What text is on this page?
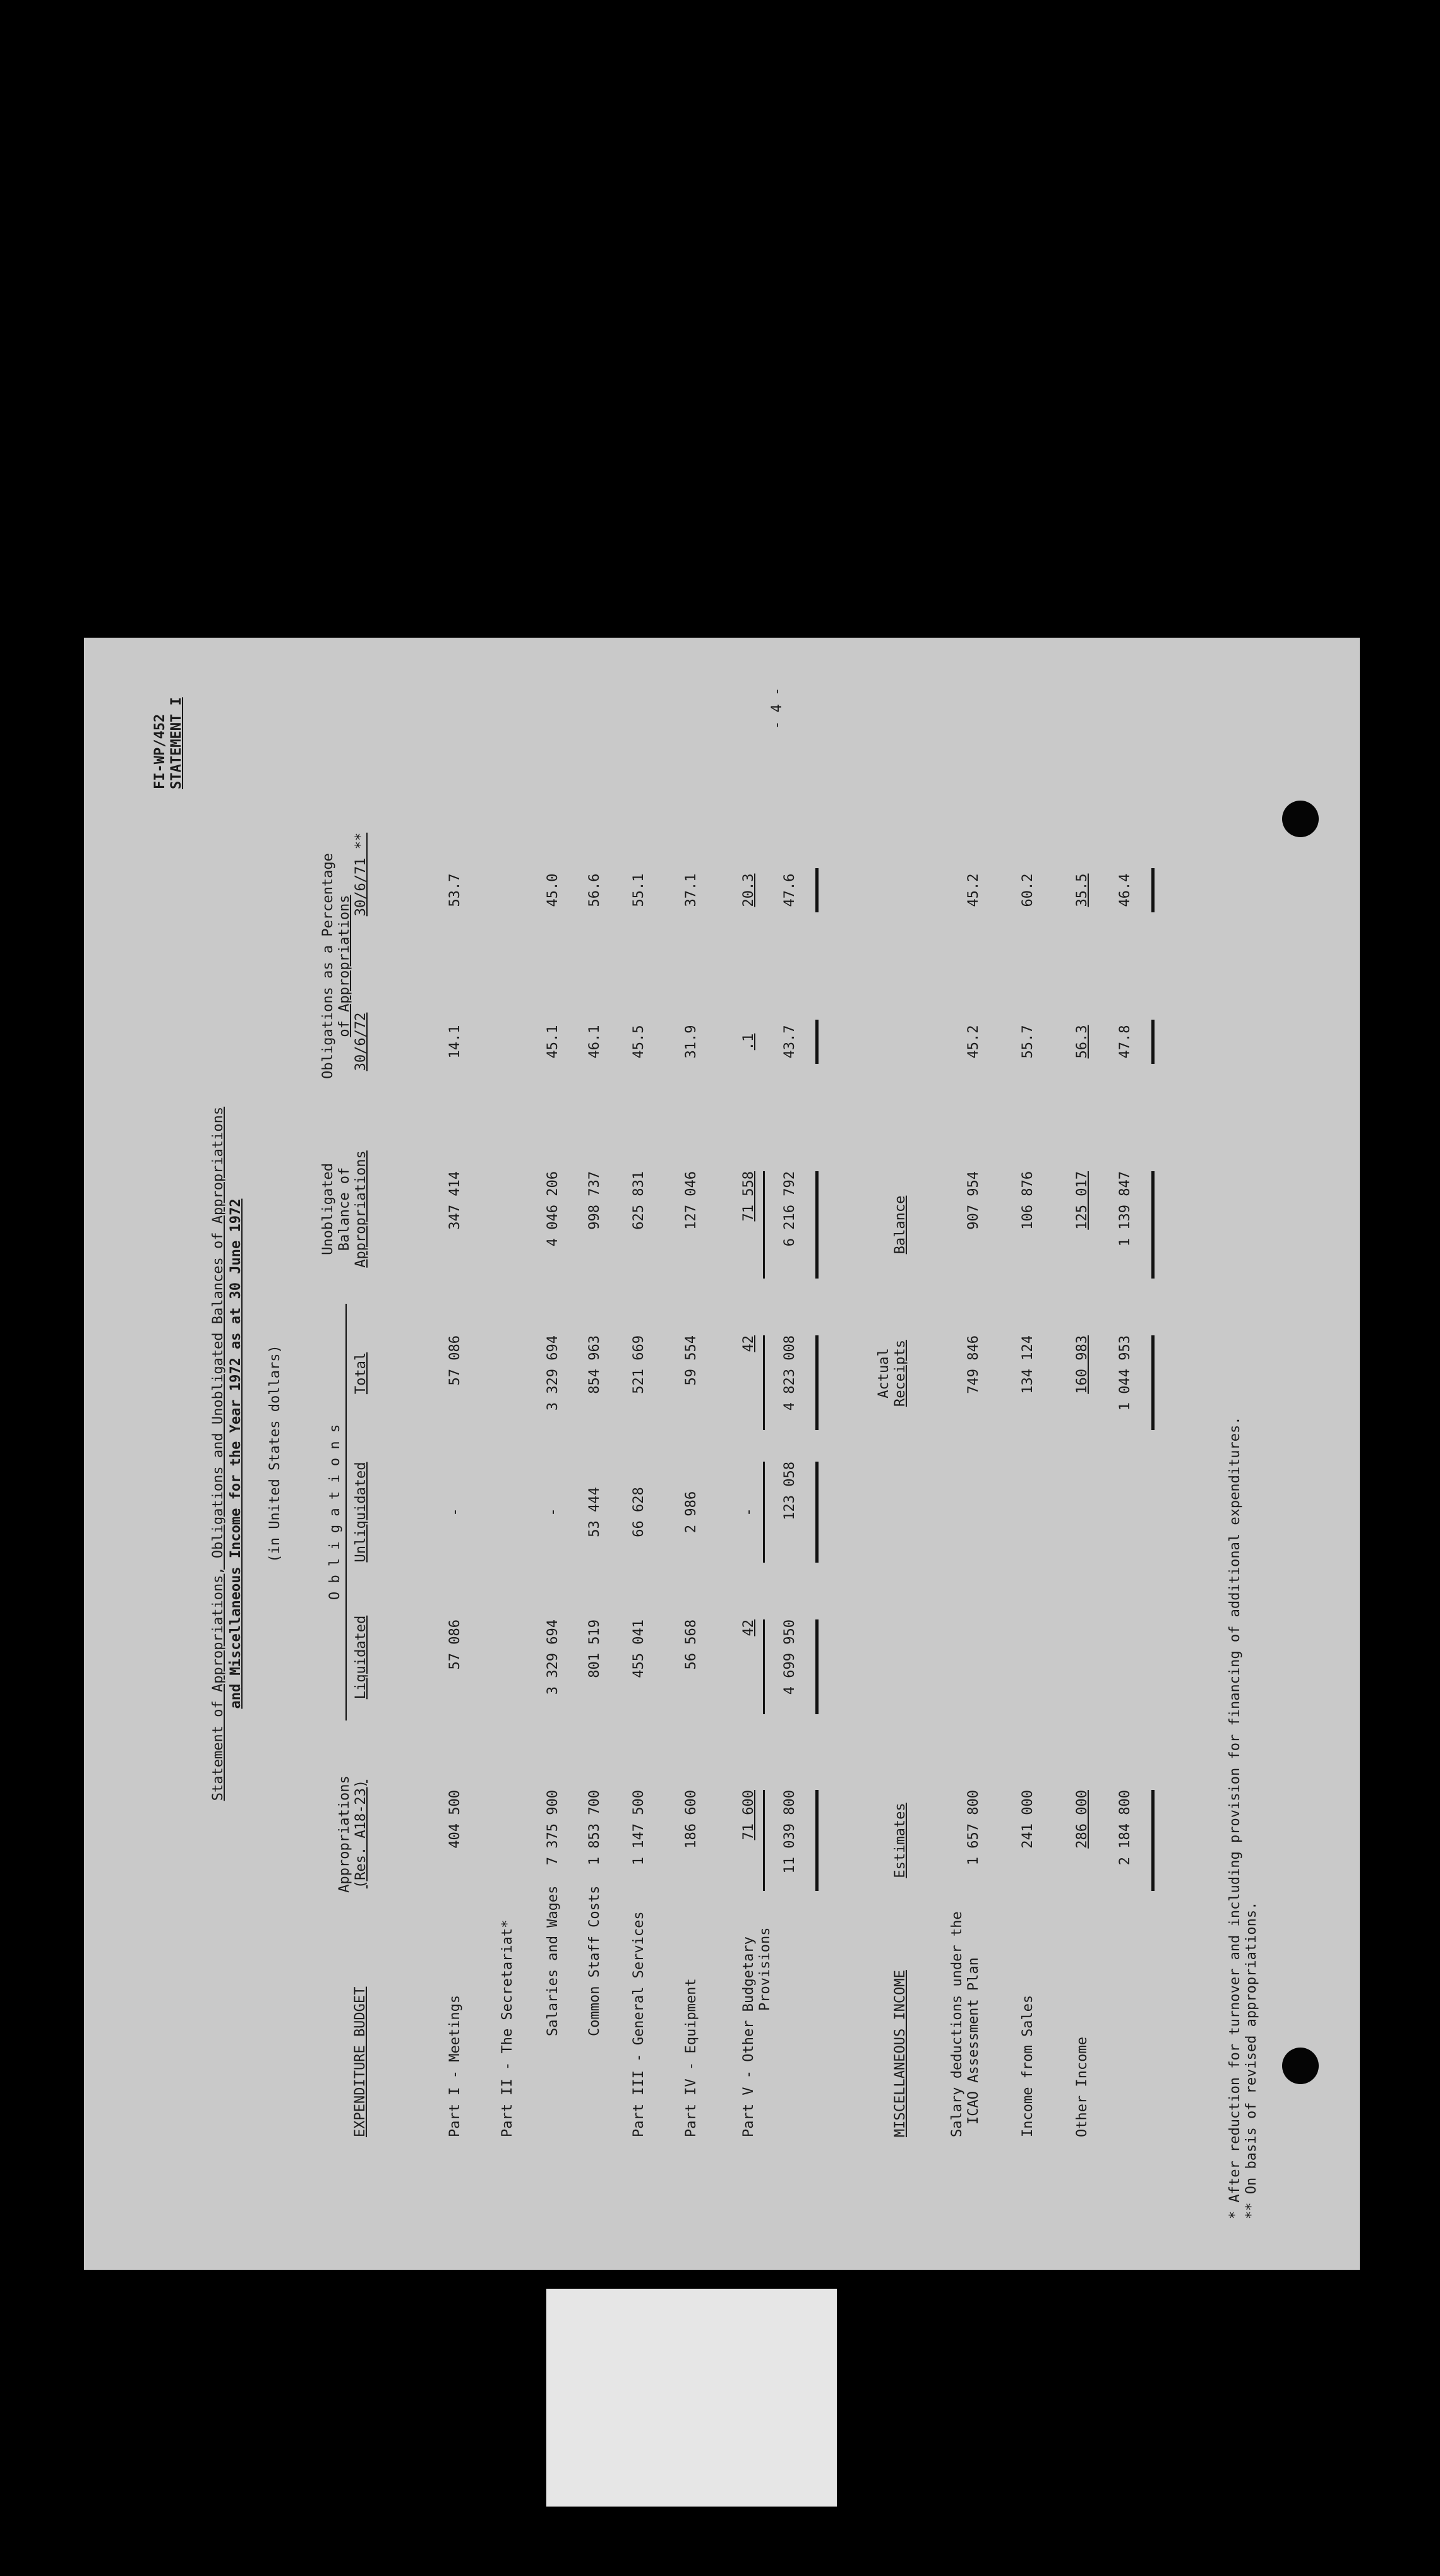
FI-WP/452 STATEMENT I	- 4 -
Statement of Appropriations, Obligations and Unobligated Balances of Appropriations and Miscellaneous Income for the Year 1972 as at 30 June 1972 (in United States dollars)
EXPENDITURE BUDGET
Appropriations (Res. A18-23)
O b l i g a t i o n s
Liquidated
Unliquidated
Total
Unobligated Balance of Appropriations
Obligations as a Percentage of Appropriations
30/6/72
30/6/71 **
Part I - Meetings
404 500
57 086
-
57 086
347 414
14.1
53.7
Part II - The Secretariat* Salaries and Wages
7 375 900
3 329 694
-
3 329 694
4 046 206
45.1
45.0
Common Staff Costs
1 853 700
801 519
53 444
854 963
998 737
46.1
56.6
Part III - General Services
1 147 500
455 041
66 628
521 669
625 831
45.5
55.1
Part IV - Equipment
186 600
56 568
2 986
59 554
127 046
31.9
37.1
Part V - Other Budgetary Provisions
71 600
42
-
42
71 558
.1
20.3
11 039 800
4 699 950
123 058
4 823 008
6 216 792
43.7
47.6
MISCELLANEOUS INCOME
Estimates
Actual Receipts
Balance
Salary deductions under the ICAO Assessment Plan
1 657 800
749 846
907 954
45.2
45.2
Income from Sales
241 000
134 124
106 876
55.7
60.2
Other Income
286 000
160 983
125 017
56.3
35.5
2 184 800
1 044 953
1 139 847
47.8
46.4
* After reduction for turnover and including provision for financing of additional expenditures. ** On basis of revised appropriations.
